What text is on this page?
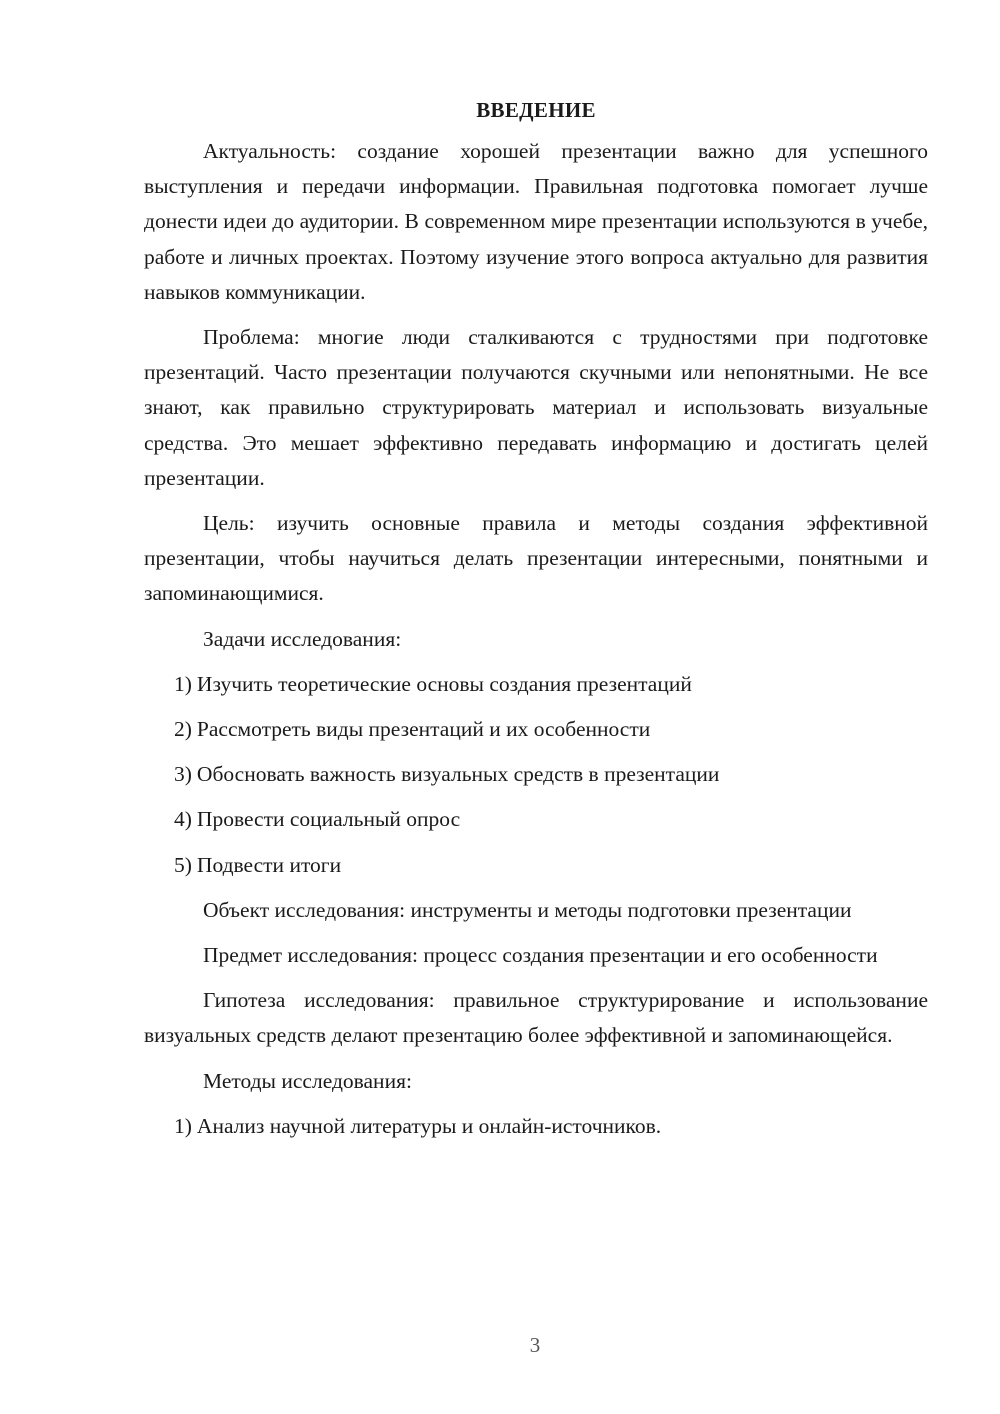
ВВЕДЕНИЕ

Актуальность: создание хорошей презентации важно для успешного выступления и передачи информации. Правильная подготовка помогает лучше донести идеи до аудитории. В современном мире презентации используются в учебе, работе и личных проектах. Поэтому изучение этого вопроса актуально для развития навыков коммуникации.

Проблема: многие люди сталкиваются с трудностями при подготовке презентаций. Часто презентации получаются скучными или непонятными. Не все знают, как правильно структурировать материал и использовать визуальные средства. Это мешает эффективно передавать информацию и достигать целей презентации.

Цель: изучить основные правила и методы создания эффективной презентации, чтобы научиться делать презентации интересными, понятными и запоминающимися.

Задачи исследования:

1) Изучить теоретические основы создания презентаций
2) Рассмотреть виды презентаций и их особенности
3) Обосновать важность визуальных средств в презентации
4) Провести социальный опрос
5) Подвести итоги

Объект исследования: инструменты и методы подготовки презентации

Предмет исследования: процесс создания презентации и его особенности

Гипотеза исследования: правильное структурирование и использование визуальных средств делают презентацию более эффективной и запоминающейся.

Методы исследования:

1) Анализ научной литературы и онлайн-источников.
3
